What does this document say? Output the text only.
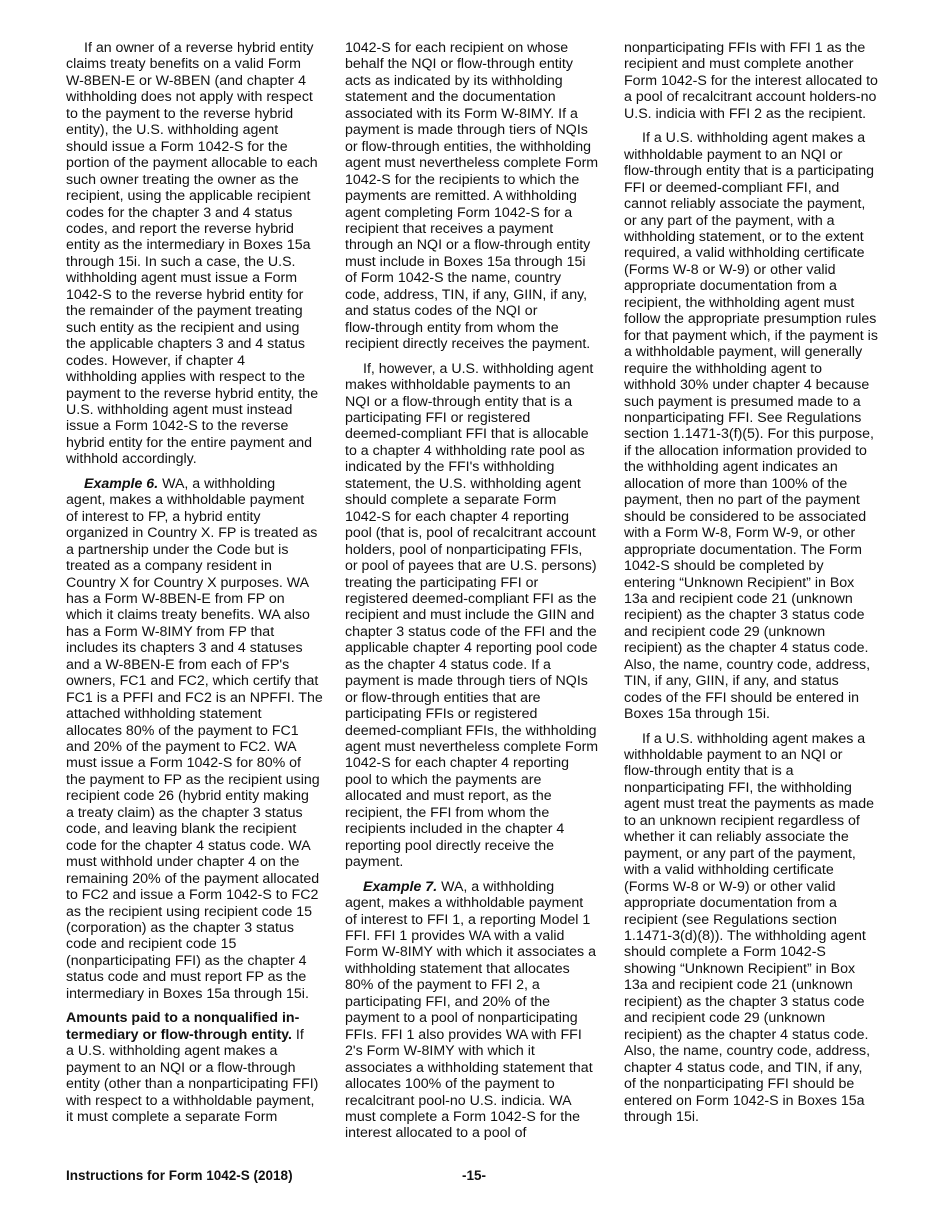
If an owner of a reverse hybrid entity
claims treaty benefits on a valid Form
W-8BEN-E or W-8BEN (and chapter 4
withholding does not apply with respect
to the payment to the reverse hybrid
entity), the U.S. withholding agent
should issue a Form 1042-S for the
portion of the payment allocable to each
such owner treating the owner as the
recipient, using the applicable recipient
codes for the chapter 3 and 4 status
codes, and report the reverse hybrid
entity as the intermediary in Boxes 15a
through 15i. In such a case, the U.S.
withholding agent must issue a Form
1042-S to the reverse hybrid entity for
the remainder of the payment treating
such entity as the recipient and using
the applicable chapters 3 and 4 status
codes. However, if chapter 4
withholding applies with respect to the
payment to the reverse hybrid entity, the
U.S. withholding agent must instead
issue a Form 1042-S to the reverse
hybrid entity for the entire payment and
withhold accordingly.

Example 6. WA, a withholding
agent, makes a withholdable payment
of interest to FP, a hybrid entity
organized in Country X. FP is treated as
a partnership under the Code but is
treated as a company resident in
Country X for Country X purposes. WA
has a Form W-8BEN-E from FP on
which it claims treaty benefits. WA also
has a Form W-8IMY from FP that
includes its chapters 3 and 4 statuses
and a W-8BEN-E from each of FP's
owners, FC1 and FC2, which certify that
FC1 is a PFFI and FC2 is an NPFFI. The
attached withholding statement
allocates 80% of the payment to FC1
and 20% of the payment to FC2. WA
must issue a Form 1042-S for 80% of
the payment to FP as the recipient using
recipient code 26 (hybrid entity making
a treaty claim) as the chapter 3 status
code, and leaving blank the recipient
code for the chapter 4 status code. WA
must withhold under chapter 4 on the
remaining 20% of the payment allocated
to FC2 and issue a Form 1042-S to FC2
as the recipient using recipient code 15
(corporation) as the chapter 3 status
code and recipient code 15
(nonparticipating FFI) as the chapter 4
status code and must report FP as the
intermediary in Boxes 15a through 15i.

Amounts paid to a nonqualified in-
termediary or flow-through entity. If
a U.S. withholding agent makes a
payment to an NQI or a flow-through
entity (other than a nonparticipating FFI)
with respect to a withholdable payment,
it must complete a separate Form

1042-S for each recipient on whose
behalf the NQI or flow-through entity
acts as indicated by its withholding
statement and the documentation
associated with its Form W-8IMY. If a
payment is made through tiers of NQIs
or flow-through entities, the withholding
agent must nevertheless complete Form
1042-S for the recipients to which the
payments are remitted. A withholding
agent completing Form 1042-S for a
recipient that receives a payment
through an NQI or a flow-through entity
must include in Boxes 15a through 15i
of Form 1042-S the name, country
code, address, TIN, if any, GIIN, if any,
and status codes of the NQI or
flow-through entity from whom the
recipient directly receives the payment.

If, however, a U.S. withholding agent
makes withholdable payments to an
NQI or a flow-through entity that is a
participating FFI or registered
deemed-compliant FFI that is allocable
to a chapter 4 withholding rate pool as
indicated by the FFI's withholding
statement, the U.S. withholding agent
should complete a separate Form
1042-S for each chapter 4 reporting
pool (that is, pool of recalcitrant account
holders, pool of nonparticipating FFIs,
or pool of payees that are U.S. persons)
treating the participating FFI or
registered deemed-compliant FFI as the
recipient and must include the GIIN and
chapter 3 status code of the FFI and the
applicable chapter 4 reporting pool code
as the chapter 4 status code. If a
payment is made through tiers of NQIs
or flow-through entities that are
participating FFIs or registered
deemed-compliant FFIs, the withholding
agent must nevertheless complete Form
1042-S for each chapter 4 reporting
pool to which the payments are
allocated and must report, as the
recipient, the FFI from whom the
recipients included in the chapter 4
reporting pool directly receive the
payment.

Example 7. WA, a withholding
agent, makes a withholdable payment
of interest to FFI 1, a reporting Model 1
FFI. FFI 1 provides WA with a valid
Form W-8IMY with which it associates a
withholding statement that allocates
80% of the payment to FFI 2, a
participating FFI, and 20% of the
payment to a pool of nonparticipating
FFIs. FFI 1 also provides WA with FFI
2's Form W-8IMY with which it
associates a withholding statement that
allocates 100% of the payment to
recalcitrant pool-no U.S. indicia. WA
must complete a Form 1042-S for the
interest allocated to a pool of

nonparticipating FFIs with FFI 1 as the
recipient and must complete another
Form 1042-S for the interest allocated to
a pool of recalcitrant account holders-no
U.S. indicia with FFI 2 as the recipient.

If a U.S. withholding agent makes a
withholdable payment to an NQI or
flow-through entity that is a participating
FFI or deemed-compliant FFI, and
cannot reliably associate the payment,
or any part of the payment, with a
withholding statement, or to the extent
required, a valid withholding certificate
(Forms W-8 or W-9) or other valid
appropriate documentation from a
recipient, the withholding agent must
follow the appropriate presumption rules
for that payment which, if the payment is
a withholdable payment, will generally
require the withholding agent to
withhold 30% under chapter 4 because
such payment is presumed made to a
nonparticipating FFI. See Regulations
section 1.1471-3(f)(5). For this purpose,
if the allocation information provided to
the withholding agent indicates an
allocation of more than 100% of the
payment, then no part of the payment
should be considered to be associated
with a Form W-8, Form W-9, or other
appropriate documentation. The Form
1042-S should be completed by
entering “Unknown Recipient” in Box
13a and recipient code 21 (unknown
recipient) as the chapter 3 status code
and recipient code 29 (unknown
recipient) as the chapter 4 status code.
Also, the name, country code, address,
TIN, if any, GIIN, if any, and status
codes of the FFI should be entered in
Boxes 15a through 15i.

If a U.S. withholding agent makes a
withholdable payment to an NQI or
flow-through entity that is a
nonparticipating FFI, the withholding
agent must treat the payments as made
to an unknown recipient regardless of
whether it can reliably associate the
payment, or any part of the payment,
with a valid withholding certificate
(Forms W-8 or W-9) or other valid
appropriate documentation from a
recipient (see Regulations section
1.1471-3(d)(8)). The withholding agent
should complete a Form 1042-S
showing “Unknown Recipient” in Box
13a and recipient code 21 (unknown
recipient) as the chapter 3 status code
and recipient code 29 (unknown
recipient) as the chapter 4 status code.
Also, the name, country code, address,
chapter 4 status code, and TIN, if any,
of the nonparticipating FFI should be
entered on Form 1042-S in Boxes 15a
through 15i.

Instructions for Form 1042-S (2018)	-15-
